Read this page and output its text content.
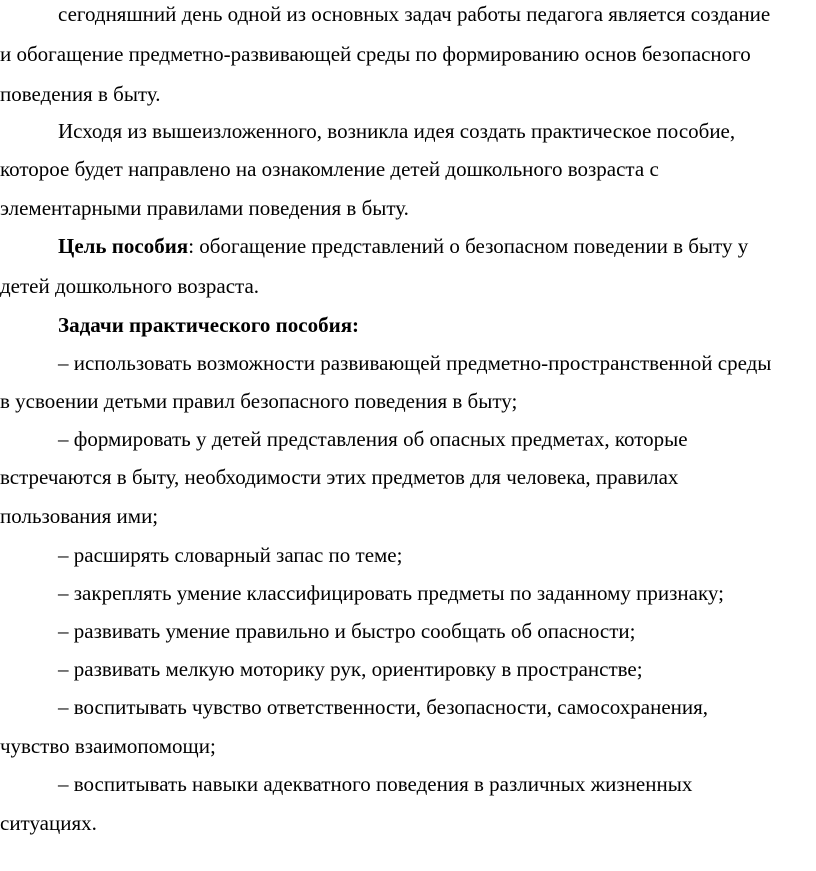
сегодняшний день одной из основных задач работы педагога является создание
и обогащение предметно-развивающей среды по формированию основ безопасного
поведения в быту.
Исходя из вышеизложенного, возникла идея создать практическое пособие,
которое будет направлено на ознакомление детей дошкольного возраста с
элементарными правилами поведения в быту.
Цель пособия: обогащение представлений о безопасном поведении в быту у
детей дошкольного возраста.
Задачи практического пособия:
– использовать возможности развивающей предметно-пространственной среды
в усвоении детьми правил безопасного поведения в быту;
– формировать у детей представления об опасных предметах, которые
встречаются в быту, необходимости этих предметов для человека, правилах
пользования ими;
– расширять словарный запас по теме;
– закреплять умение классифицировать предметы по заданному признаку;
– развивать умение правильно и быстро сообщать об опасности;
– развивать мелкую моторику рук, ориентировку в пространстве;
– воспитывать чувство ответственности, безопасности, самосохранения,
чувство взаимопомощи;
– воспитывать навыки адекватного поведения в различных жизненных
ситуациях.
